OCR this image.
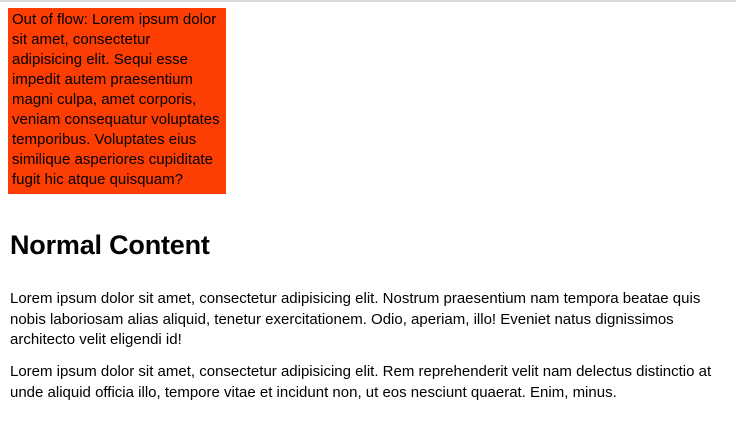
Out of flow: Lorem ipsum dolor sit amet, consectetur adipisicing elit. Sequi esse impedit autem praesentium magni culpa, amet corporis, veniam consequatur voluptates temporibus. Voluptates eius similique asperiores cupiditate fugit hic atque quisquam?
Normal Content

Lorem ipsum dolor sit amet, consectetur adipisicing elit. Nostrum praesentium nam tempora beatae quis nobis laboriosam alias aliquid, tenetur exercitationem. Odio, aperiam, illo! Eveniet natus dignissimos architecto velit eligendi id!

Lorem ipsum dolor sit amet, consectetur adipisicing elit. Rem reprehenderit velit nam delectus distinctio at unde aliquid officia illo, tempore vitae et incidunt non, ut eos nesciunt quaerat. Enim, minus.
